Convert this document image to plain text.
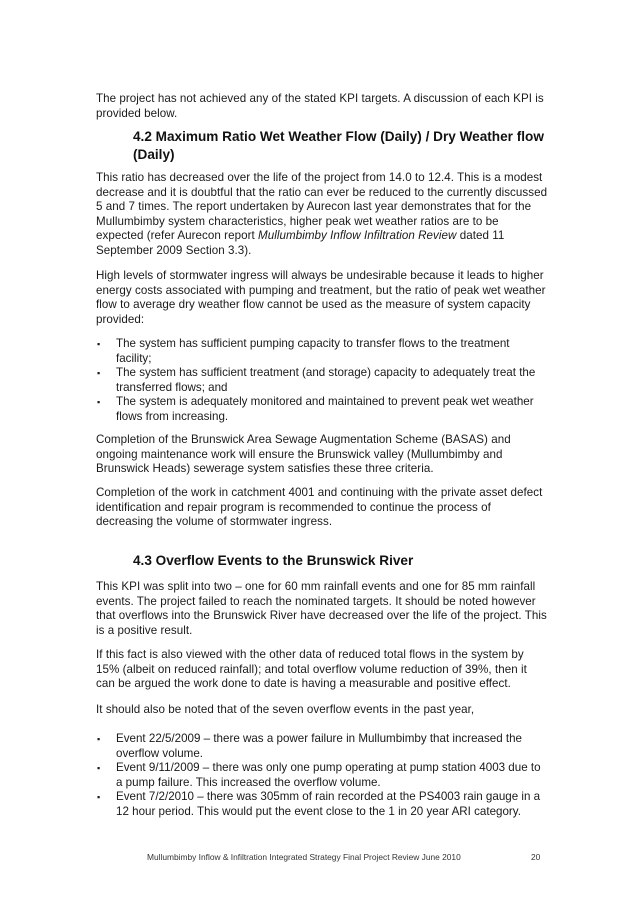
The project has not achieved any of the stated KPI targets. A discussion of each KPI is provided below.

4.2 Maximum Ratio Wet Weather Flow (Daily) / Dry Weather flow (Daily)

This ratio has decreased over the life of the project from 14.0 to 12.4. This is a modest decrease and it is doubtful that the ratio can ever be reduced to the currently discussed 5 and 7 times. The report undertaken by Aurecon last year demonstrates that for the Mullumbimby system characteristics, higher peak wet weather ratios are to be expected (refer Aurecon report Mullumbimby Inflow Infiltration Review dated 11 September 2009 Section 3.3).

High levels of stormwater ingress will always be undesirable because it leads to higher energy costs associated with pumping and treatment, but the ratio of peak wet weather flow to average dry weather flow cannot be used as the measure of system capacity provided:

▪ The system has sufficient pumping capacity to transfer flows to the treatment facility;
▪ The system has sufficient treatment (and storage) capacity to adequately treat the transferred flows; and
▪ The system is adequately monitored and maintained to prevent peak wet weather flows from increasing.

Completion of the Brunswick Area Sewage Augmentation Scheme (BASAS) and ongoing maintenance work will ensure the Brunswick valley (Mullumbimby and Brunswick Heads) sewerage system satisfies these three criteria.

Completion of the work in catchment 4001 and continuing with the private asset defect identification and repair program is recommended to continue the process of decreasing the volume of stormwater ingress.

4.3 Overflow Events to the Brunswick River

This KPI was split into two – one for 60 mm rainfall events and one for 85 mm rainfall events. The project failed to reach the nominated targets. It should be noted however that overflows into the Brunswick River have decreased over the life of the project. This is a positive result.

If this fact is also viewed with the other data of reduced total flows in the system by 15% (albeit on reduced rainfall); and total overflow volume reduction of 39%, then it can be argued the work done to date is having a measurable and positive effect.

It should also be noted that of the seven overflow events in the past year,

▪ Event 22/5/2009 – there was a power failure in Mullumbimby that increased the overflow volume.
▪ Event 9/11/2009 – there was only one pump operating at pump station 4003 due to a pump failure. This increased the overflow volume.
▪ Event 7/2/2010 – there was 305mm of rain recorded at the PS4003 rain gauge in a 12 hour period. This would put the event close to the 1 in 20 year ARI category.
Mullumbimby Inflow & Infiltration Integrated Strategy Final Project Review June 2010	20
